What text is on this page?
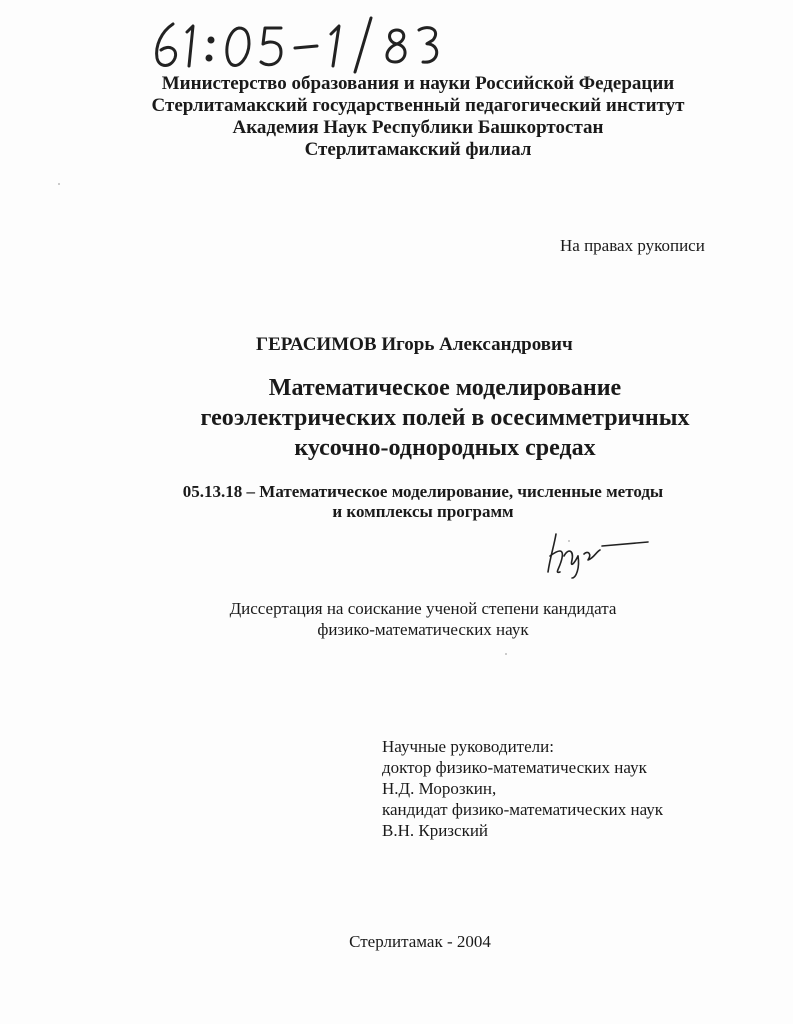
Министерство образования и науки Российской Федерации
Стерлитамакский государственный педагогический институт
Академия Наук Республики Башкортостан
Стерлитамакский филиал
На правах рукописи
ГЕРАСИМОВ Игорь Александрович
Математическое моделирование
геоэлектрических полей в осесимметричных
кусочно-однородных средах
05.13.18 – Математическое моделирование, численные методы
и комплексы программ
Диссертация на соискание ученой степени кандидата
физико-математических наук
Научные руководители:
доктор физико-математических наук
Н.Д. Морозкин,
кандидат физико-математических наук
В.Н. Кризский
Стерлитамак - 2004
